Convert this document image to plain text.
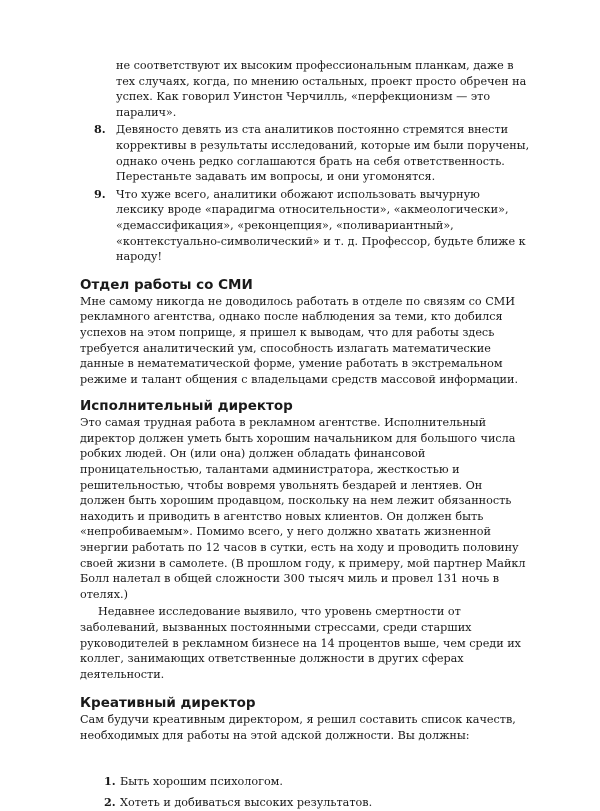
не соответствуют их высоким профессиональным планкам, даже в тех случаях, когда, по мнению остальных, проект просто обречен на успех. Как говорил Уинстон Черчилль, «перфекционизм — это паралич».
8. Девяносто девять из ста аналитиков постоянно стремятся внести коррективы в результаты исследований, которые им были поручены, однако очень редко соглашаются брать на себя ответственность. Перестаньте задавать им вопросы, и они угомонятся.
9. Что хуже всего, аналитики обожают использовать вычурную лексику вроде «парадигма относительности», «акмеологически», «демассификация», «реконцепция», «поливариантный», «контекстуально-символический» и т. д. Профессор, будьте ближе к народу!
Отдел работы со СМИ

Мне самому никогда не доводилось работать в отделе по связям со СМИ рекламного агентства, однако после наблюдения за теми, кто добился успехов на этом поприще, я пришел к выводам, что для работы здесь требуется аналитический ум, способность излагать математические данные в нематематической форме, умение работать в экстремальном режиме и талант общения с владельцами средств массовой информации.

Исполнительный директор

Это самая трудная работа в рекламном агентстве. Исполнительный директор должен уметь быть хорошим начальником для большого числа робких людей. Он (или она) должен обладать финансовой проницательностью, талантами администратора, жесткостью и решительностью, чтобы вовремя увольнять бездарей и лентяев. Он должен быть хорошим продавцом, поскольку на нем лежит обязанность находить и приводить в агентство новых клиентов. Он должен быть «непробиваемым». Помимо всего, у него должно хватать жизненной энергии работать по 12 часов в сутки, есть на ходу и проводить половину своей жизни в самолете. (В прошлом году, к примеру, мой партнер Майкл Болл налетал в общей сложности 300 тысяч миль и провел 131 ночь в отелях.)

Недавнее исследование выявило, что уровень смертности от заболеваний, вызванных постоянными стрессами, среди старших руководителей в рекламном бизнесе на 14 процентов выше, чем среди их коллег, занимающих ответственные должности в других сферах деятельности.

Креативный директор

Сам будучи креативным директором, я решил составить список качеств, необходимых для работы на этой адской должности. Вы должны:

1. Быть хорошим психологом.
2. Хотеть и добиваться высоких результатов.
